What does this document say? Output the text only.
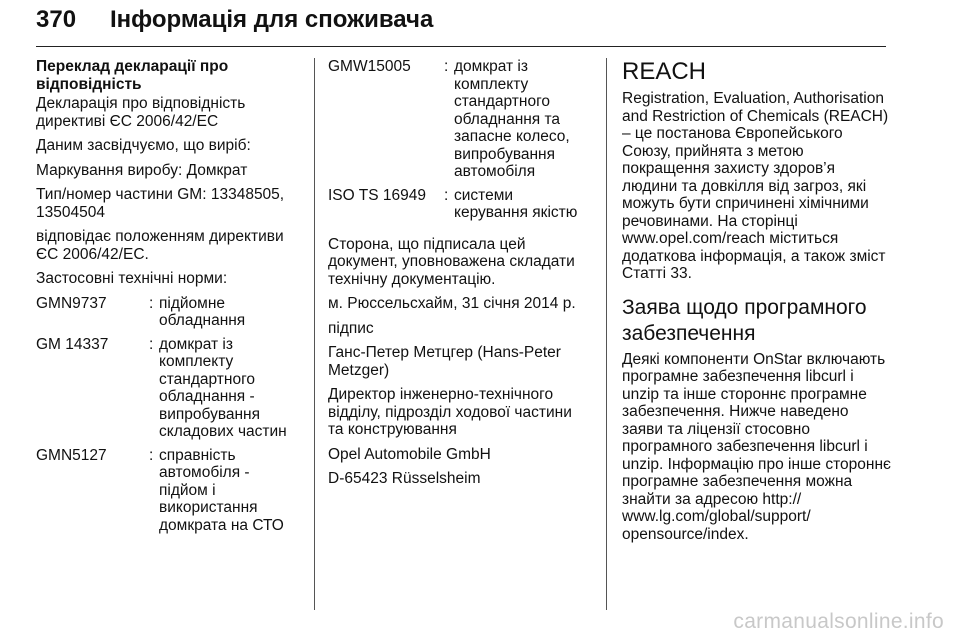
370 Інформація для споживача

Переклад декларації про відповідність

Декларація про відповідність директиві ЄС 2006/42/ЕС

Даним засвідчуємо, що виріб:

Маркування виробу: Домкрат

Тип/номер частини GM: 13348505, 13504504

відповідає положенням директиви ЄС 2006/42/ЕС.

Застосовні технічні норми:

GMN9737	:	підйомне обладнання
GM 14337	:	домкрат із комплекту стандартного обладнання - випробування складових частин
GMN5127	:	справність автомобіля - підйом і використання домкрата на СТО
GMW15005	:	домкрат із комплекту стандартного обладнання та запасне колесо, випробування автомобіля
ISO TS 16949	:	системи керування якістю

Сторона, що підписала цей документ, уповноважена складати технічну документацію.

м. Рюссельсхайм, 31 січня 2014 р.

підпис

Ганс-Петер Метцгер (Hans-Peter Metzger)

Директор інженерно-технічного відділу, підрозділ ходової частини та конструювання

Opel Automobile GmbH

D-65423 Rüsselsheim

REACH

Registration, Evaluation, Authorisation and Restriction of Chemicals (REACH) – це постанова Європейського Союзу, прийнята з метою покращення захисту здоров’я людини та довкілля від загроз, які можуть бути спричинені хімічними речовинами. На сторінці www.opel.com/reach міститься додаткова інформація, а також зміст Статті 33.

Заява щодо програмного забезпечення

Деякі компоненти OnStar включають програмне забезпечення libcurl і unzip та інше стороннє програмне забезпечення. Нижче наведено заяви та ліцензії стосовно програмного забезпечення libcurl і unzip. Інформацію про інше стороннє програмне забезпечення можна знайти за адресою http:// www.lg.com/global/support/ opensource/index.

carmanualsonline.info
